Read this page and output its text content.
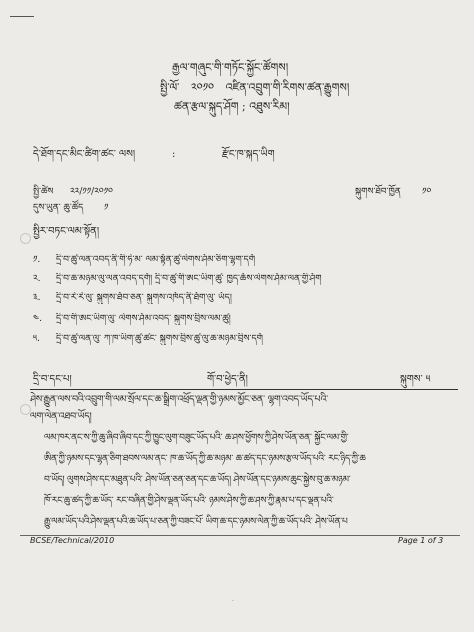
རྒྱལ་གཞུང་གི་གཏོང་སྐྱོང་ཚོགས།
སྤྱི་ལོ་ ༢༠༡༠ འཛིན་འབྲུག་གི་རིགས་ཚན་རྒྱུགས།
ཚན་རྩལ་སྐུད་ཤོག ; འཐུས་རིམ།
དེ་ཐོག་དང་མིང་ཚིག་ཚང་ ལས།	:	རྫོང་ཁ་སྐད་ཡིག
སྤྱི་ཚེས ༢༢/༡༡/༢༠༡༠	སྐུགས་ཐོབ་ཁྱོན ༡༠
དུས་ཡུན་ ཆུ་ཚོད ༡
སྤྱིར་བཏང་ལམ་སྟོན།
༡. དྲི་བ་ཚུ་ལན་འབད་ནི་གི་ཧེ་མ་ ལམ་སྟོན་ཚུ་ལེགས་ཤོམ་ཅིག་ལྷག་དགོ
༢. དྲི་བ་ཆ་མཉམ་ལུ་ལན་འབད་དགོ། དྲི་བ་ཚུ་གི་ཨང་ཡིག་ཚུ་ ཁྱད་ཆོས་ལེགས་ཤོམ་ལན་གྱི་ཤོག
༣. དྲི་བ་རེ་རེ་ལུ་ སྐུགས་ཐོབ་ཅན་ སྐུགས་འཁོད་ནི་ཐོག་ལུ་ ཡོད།
༤. དྲི་བ་གི་ཨང་ཡིག་ལུ་ ལེགས་ཤོམ་འབད་ སྐུགས་བྲིས་ལམ་ཚུ།
༥. དྲི་བ་ཚུ་ལན་ལུ་ ཀ་ཁ་ཡིག་ཚུ་ཚང་ སྐུགས་བྲིས་ཚུ་ལུ་ཆ་མཉམ་བྲིས་དགོ
དྲི་བ་དང་པ།	གོ་བ་ཕྱེད་ནི།	སྐུགས་ ༥
ཤེས་རྒྱུན་ལས་བའི་འབྲུག་གི་ལམ་སྲོལ་དང་ཆ་སྒྲིག་འཕྲོད་ལྡན་གྱི་ཉམས་མྱོང་ཅན་ ལྷག་འབད་ཡོད་པའི་
ལག་ལེན་འཐབ་ཡོད།
ལམ་ཁར་ནང་ས་ཀྱི་ཆུ་ཞིབ་ཞིབ་དང་ཀྱི་ཁྱུང་ལུག་བཟུང་ཡོད་པའི་ ཆ་ཤས་ཕྱོགས་ཀྱི་ཤེས་ཡོན་ཅན་ སྐྱོང་ལམ་གྱི་
ཨིན་ཀྱི་ཉམས་དང་ལྷན་ཅིག་ཐབས་ལམ་ནང་ ཁ་ཆ་ཡོད་ཀྱི་ཆ་མཉམ་ ཆ་ཚད་དང་ཉམས་རྩལ་ཡོད་པའི་ རང་ཉིད་ཀྱི་ཆ
བ་ཡོད། ལུགས་ཤེས་དང་མཐུན་པའི་ ཤེས་ཡོན་ཅན་ཅན་དང་ཆ་ཡོད། ཤེས་ཡོན་དང་ཉམས་ཆུང་སྐྱེས་བུ་ཆ་མཉམ་
ཁོ་རང་ཆུ་ཚད་ཀྱི་ཆ་ཡོད་ རང་བཞིན་གྱི་ཤེས་ལྡན་ཡོད་པའི་ ཉམས་ཤེས་ཀྱི་ཆ་ཤས་ཀྱི་རྣམ་པ་དང་ལྡན་པའི་
རྒྱུ་ལམ་ཡོད་པའི་ཤེས་ལྡན་པའི་ཆ་ཡོད་པ་ཅན་ཀྱི་བཟང་པོ་ ཡིག་ཆ་དང་ཉམས་ལེན་ཀྱི་ཆ་ཡོད་པའི་ ཤེས་ཡོན་པ
BCSE/Technical/2010	Page 1 of 3
·
